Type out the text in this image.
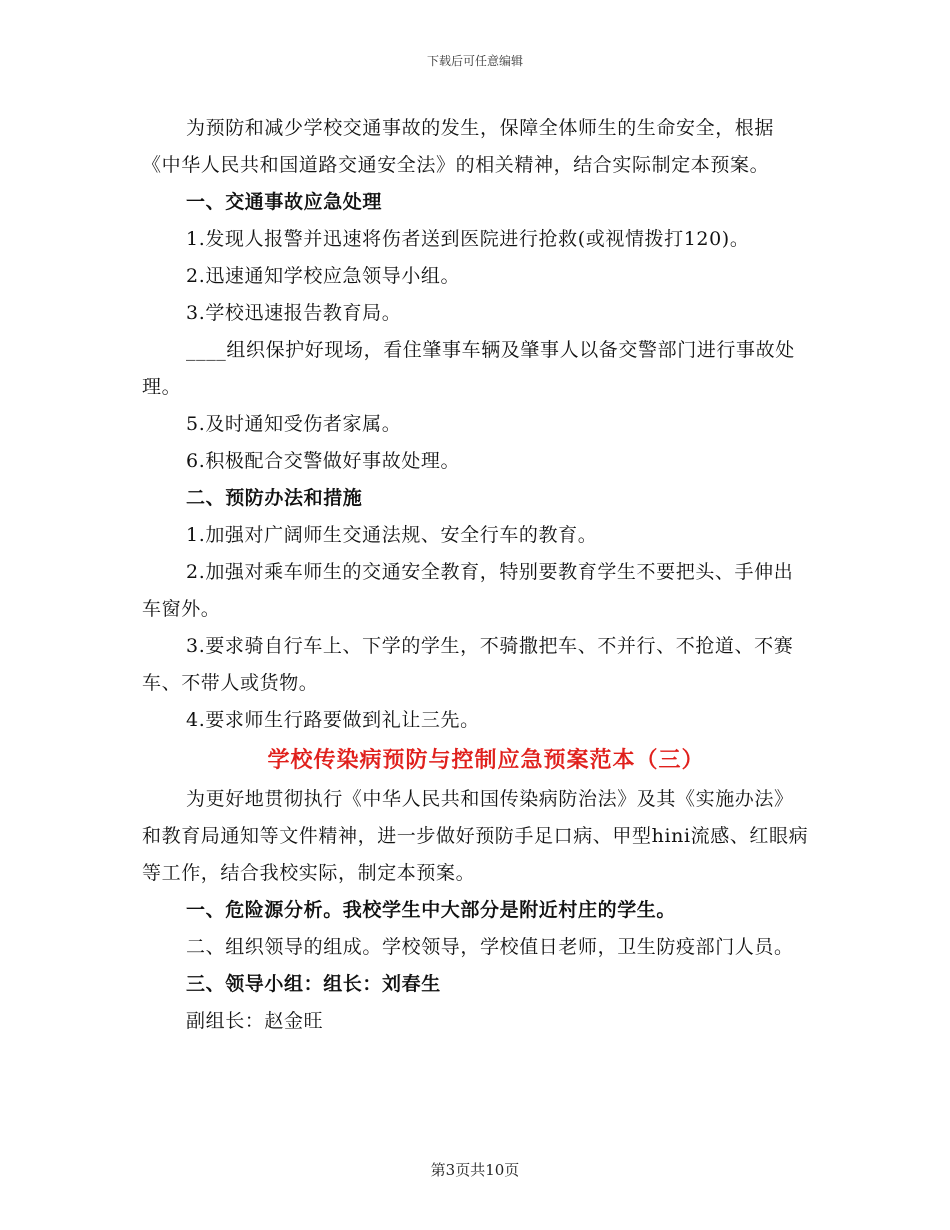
下载后可任意编辑

为预防和减少学校交通事故的发生，保障全体师生的生命安全，根据《中华人民共和国道路交通安全法》的相关精神，结合实际制定本预案。

一、交通事故应急处理

1.发现人报警并迅速将伤者送到医院进行抢救(或视情拨打120)。

2.迅速通知学校应急领导小组。

3.学校迅速报告教育局。

____组织保护好现场，看住肇事车辆及肇事人以备交警部门进行事故处理。

5.及时通知受伤者家属。

6.积极配合交警做好事故处理。

二、预防办法和措施

1.加强对广阔师生交通法规、安全行车的教育。

2.加强对乘车师生的交通安全教育，特别要教育学生不要把头、手伸出车窗外。

3.要求骑自行车上、下学的学生，不骑撒把车、不并行、不抢道、不赛车、不带人或货物。

4.要求师生行路要做到礼让三先。

学校传染病预防与控制应急预案范本（三）

为更好地贯彻执行《中华人民共和国传染病防治法》及其《实施办法》和教育局通知等文件精神，进一步做好预防手足口病、甲型hini流感、红眼病等工作，结合我校实际，制定本预案。

一、危险源分析。我校学生中大部分是附近村庄的学生。

二、组织领导的组成。学校领导，学校值日老师，卫生防疫部门人员。

三、领导小组：组长：刘春生

副组长：赵金旺

第3页共10页
